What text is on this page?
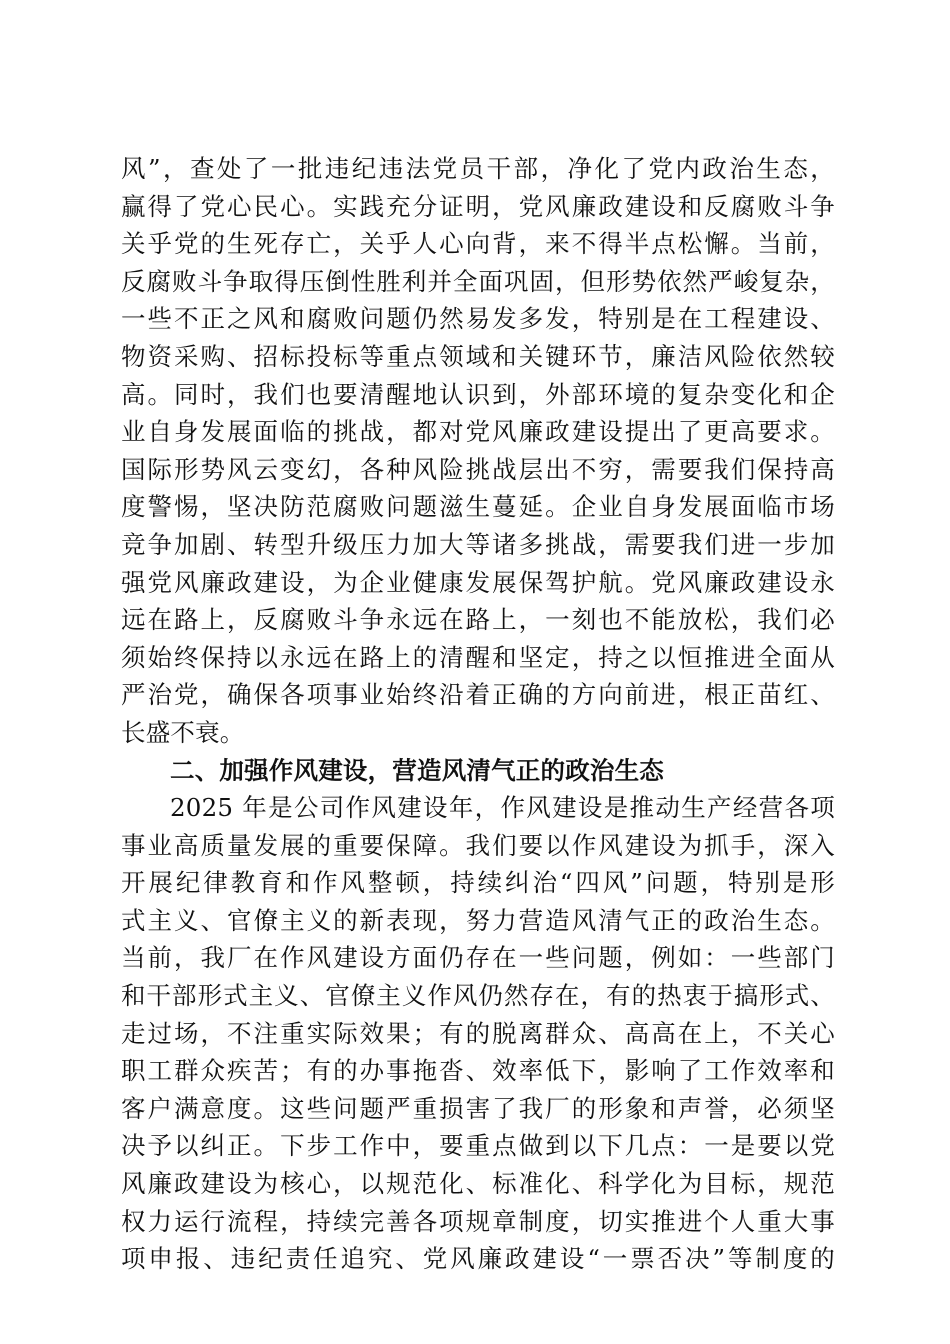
风”，查处了一批违纪违法党员干部，净化了党内政治生态，
赢得了党心民心。实践充分证明，党风廉政建设和反腐败斗争
关乎党的生死存亡，关乎人心向背，来不得半点松懈。当前，
反腐败斗争取得压倒性胜利并全面巩固，但形势依然严峻复杂，
一些不正之风和腐败问题仍然易发多发，特别是在工程建设、
物资采购、招标投标等重点领域和关键环节，廉洁风险依然较
高。同时，我们也要清醒地认识到，外部环境的复杂变化和企
业自身发展面临的挑战，都对党风廉政建设提出了更高要求。
国际形势风云变幻，各种风险挑战层出不穷，需要我们保持高
度警惕，坚决防范腐败问题滋生蔓延。企业自身发展面临市场
竞争加剧、转型升级压力加大等诸多挑战，需要我们进一步加
强党风廉政建设，为企业健康发展保驾护航。党风廉政建设永
远在路上，反腐败斗争永远在路上，一刻也不能放松，我们必
须始终保持以永远在路上的清醒和坚定，持之以恒推进全面从
严治党，确保各项事业始终沿着正确的方向前进，根正苗红、
长盛不衰。
二、加强作风建设，营造风清气正的政治生态
2025 年是公司作风建设年，作风建设是推动生产经营各项
事业高质量发展的重要保障。我们要以作风建设为抓手，深入
开展纪律教育和作风整顿，持续纠治“四风”问题，特别是形
式主义、官僚主义的新表现，努力营造风清气正的政治生态。
当前，我厂在作风建设方面仍存在一些问题，例如：一些部门
和干部形式主义、官僚主义作风仍然存在，有的热衷于搞形式、
走过场，不注重实际效果；有的脱离群众、高高在上，不关心
职工群众疾苦；有的办事拖沓、效率低下，影响了工作效率和
客户满意度。这些问题严重损害了我厂的形象和声誉，必须坚
决予以纠正。下步工作中，要重点做到以下几点：一是要以党
风廉政建设为核心，以规范化、标准化、科学化为目标，规范
权力运行流程，持续完善各项规章制度，切实推进个人重大事
项申报、违纪责任追究、党风廉政建设“一票否决”等制度的
